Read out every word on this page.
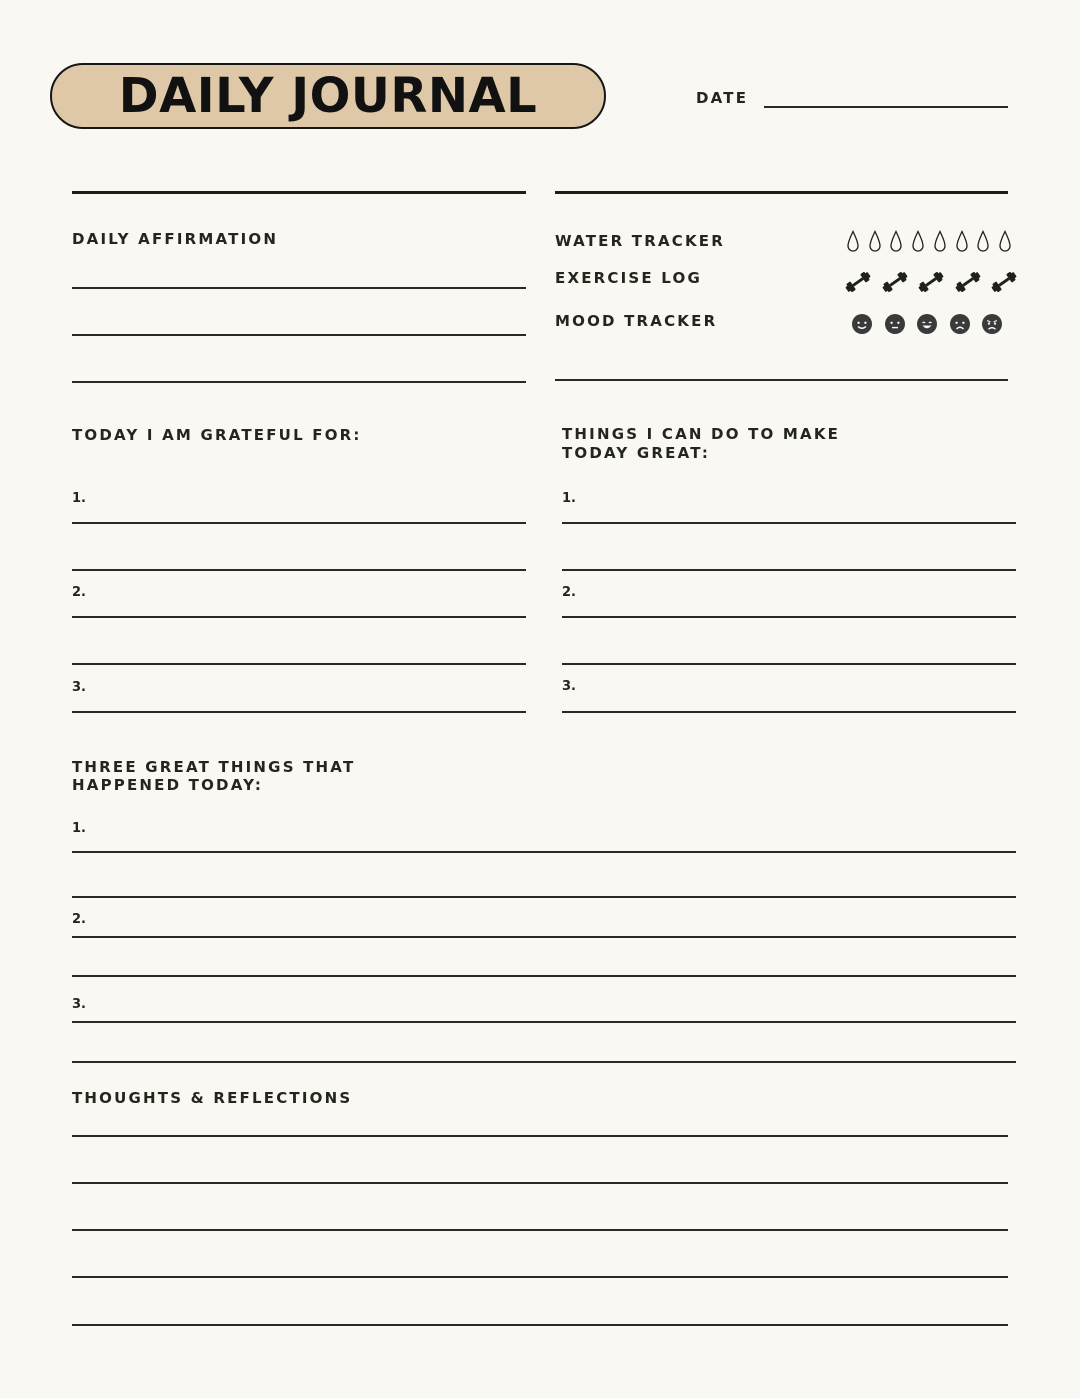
DAILY JOURNAL	DATE
DAILY AFFIRMATION	WATER TRACKER
EXERCISE LOG
MOOD TRACKER
TODAY I AM GRATEFUL FOR:
1.
2.
3.
THINGS I CAN DO TO MAKE
TODAY GREAT:
1.
2.
3.
THREE GREAT THINGS THAT
HAPPENED TODAY:
1.
2.
3.
THOUGHTS & REFLECTIONS
